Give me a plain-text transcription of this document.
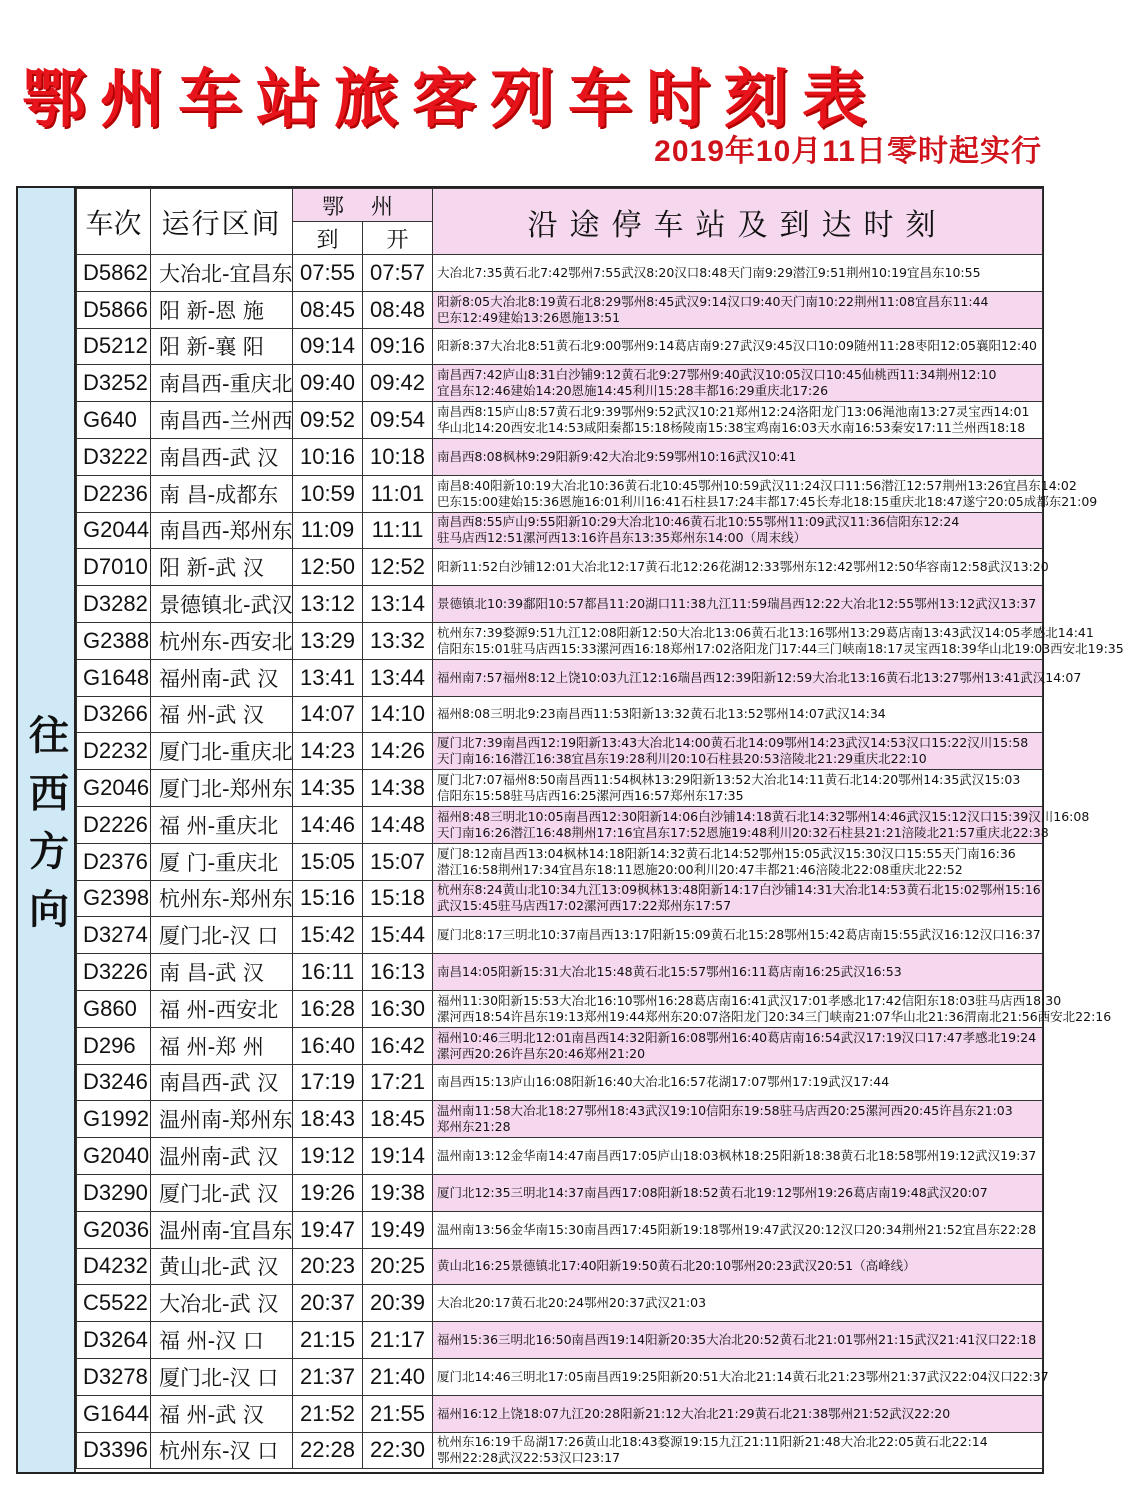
鄂州车站旅客列车时刻表
2019年10月11日零时起实行
往西方向
车次	运行区间	鄂 州		沿途停车站及到达时刻
		到	开	
D5862	大冶北-宜昌东	07:55	07:57	大冶北7:35黄石北7:42鄂州7:55武汉8:20汉口8:48天门南9:29潜江9:51荆州10:19宜昌东10:55

D5866	阳 新-恩 施	08:45	08:48	阳新8:05大冶北8:19黄石北8:29鄂州8:45武汉9:14汉口9:40天门南10:22荆州11:08宜昌东11:44
巴东12:49建始13:26恩施13:51

D5212	阳 新-襄 阳	09:14	09:16	阳新8:37大冶北8:51黄石北9:00鄂州9:14葛店南9:27武汉9:45汉口10:09随州11:28枣阳12:05襄阳12:40

D3252	南昌西-重庆北	09:40	09:42	南昌西7:42庐山8:31白沙铺9:12黄石北9:27鄂州9:40武汉10:05汉口10:45仙桃西11:34荆州12:10
宜昌东12:46建始14:20恩施14:45利川15:28丰都16:29重庆北17:26

G640	南昌西-兰州西	09:52	09:54	南昌西8:15庐山8:57黄石北9:39鄂州9:52武汉10:21郑州12:24洛阳龙门13:06渑池南13:27灵宝西14:01
华山北14:20西安北14:53咸阳秦都15:18杨陵南15:38宝鸡南16:03天水南16:53秦安17:11兰州西18:18

D3222	南昌西-武 汉	10:16	10:18	南昌西8:08枫林9:29阳新9:42大冶北9:59鄂州10:16武汉10:41

D2236	南 昌-成都东	10:59	11:01	南昌8:40阳新10:19大冶北10:36黄石北10:45鄂州10:59武汉11:24汉口11:56潜江12:57荆州13:26宜昌东14:02
巴东15:00建始15:36恩施16:01利川16:41石柱县17:24丰都17:45长寿北18:15重庆北18:47遂宁20:05成都东21:09

G2044	南昌西-郑州东	11:09	11:11	南昌西8:55庐山9:55阳新10:29大冶北10:46黄石北10:55鄂州11:09武汉11:36信阳东12:24
驻马店西12:51漯河西13:16许昌东13:35郑州东14:00（周末线）

D7010	阳 新-武 汉	12:50	12:52	阳新11:52白沙铺12:01大冶北12:17黄石北12:26花湖12:33鄂州东12:42鄂州12:50华容南12:58武汉13:20

D3282	景德镇北-武汉	13:12	13:14	景德镇北10:39鄱阳10:57都昌11:20湖口11:38九江11:59瑞昌西12:22大冶北12:55鄂州13:12武汉13:37

G2388	杭州东-西安北	13:29	13:32	杭州东7:39婺源9:51九江12:08阳新12:50大冶北13:06黄石北13:16鄂州13:29葛店南13:43武汉14:05孝感北14:41
信阳东15:01驻马店西15:33漯河西16:18郑州17:02洛阳龙门17:44三门峡南18:17灵宝西18:39华山北19:03西安北19:35

G1648	福州南-武 汉	13:41	13:44	福州南7:57福州8:12上饶10:03九江12:16瑞昌西12:39阳新12:59大冶北13:16黄石北13:27鄂州13:41武汉14:07

D3266	福 州-武 汉	14:07	14:10	福州8:08三明北9:23南昌西11:53阳新13:32黄石北13:52鄂州14:07武汉14:34

D2232	厦门北-重庆北	14:23	14:26	厦门北7:39南昌西12:19阳新13:43大冶北14:00黄石北14:09鄂州14:23武汉14:53汉口15:22汉川15:58
天门南16:16潜江16:38宜昌东19:28利川20:10石柱县20:53涪陵北21:29重庆北22:10

G2046	厦门北-郑州东	14:35	14:38	厦门北7:07福州8:50南昌西11:54枫林13:29阳新13:52大冶北14:11黄石北14:20鄂州14:35武汉15:03
信阳东15:58驻马店西16:25漯河西16:57郑州东17:35

D2226	福 州-重庆北	14:46	14:48	福州8:48三明北10:05南昌西12:30阳新14:06白沙铺14:18黄石北14:32鄂州14:46武汉15:12汉口15:39汉川16:08
天门南16:26潜江16:48荆州17:16宜昌东17:52恩施19:48利川20:32石柱县21:21涪陵北21:57重庆北22:38

D2376	厦 门-重庆北	15:05	15:07	厦门8:12南昌西13:04枫林14:18阳新14:32黄石北14:52鄂州15:05武汉15:30汉口15:55天门南16:36
潜江16:58荆州17:34宜昌东18:11恩施20:00利川20:47丰都21:46涪陵北22:08重庆北22:52

G2398	杭州东-郑州东	15:16	15:18	杭州东8:24黄山北10:34九江13:09枫林13:48阳新14:17白沙铺14:31大冶北14:53黄石北15:02鄂州15:16
武汉15:45驻马店西17:02漯河西17:22郑州东17:57

D3274	厦门北-汉 口	15:42	15:44	厦门北8:17三明北10:37南昌西13:17阳新15:09黄石北15:28鄂州15:42葛店南15:55武汉16:12汉口16:37

D3226	南 昌-武 汉	16:11	16:13	南昌14:05阳新15:31大冶北15:48黄石北15:57鄂州16:11葛店南16:25武汉16:53

G860	福 州-西安北	16:28	16:30	福州11:30阳新15:53大冶北16:10鄂州16:28葛店南16:41武汉17:01孝感北17:42信阳东18:03驻马店西18:30
漯河西18:54许昌东19:13郑州19:44郑州东20:07洛阳龙门20:34三门峡南21:07华山北21:36渭南北21:56西安北22:16

D296	福 州-郑 州	16:40	16:42	福州10:46三明北12:01南昌西14:32阳新16:08鄂州16:40葛店南16:54武汉17:19汉口17:47孝感北19:24
漯河西20:26许昌东20:46郑州21:20

D3246	南昌西-武 汉	17:19	17:21	南昌西15:13庐山16:08阳新16:40大冶北16:57花湖17:07鄂州17:19武汉17:44

G1992	温州南-郑州东	18:43	18:45	温州南11:58大冶北18:27鄂州18:43武汉19:10信阳东19:58驻马店西20:25漯河西20:45许昌东21:03
郑州东21:28

G2040	温州南-武 汉	19:12	19:14	温州南13:12金华南14:47南昌西17:05庐山18:03枫林18:25阳新18:38黄石北18:58鄂州19:12武汉19:37

D3290	厦门北-武 汉	19:26	19:38	厦门北12:35三明北14:37南昌西17:08阳新18:52黄石北19:12鄂州19:26葛店南19:48武汉20:07

G2036	温州南-宜昌东	19:47	19:49	温州南13:56金华南15:30南昌西17:45阳新19:18鄂州19:47武汉20:12汉口20:34荆州21:52宜昌东22:28

D4232	黄山北-武 汉	20:23	20:25	黄山北16:25景德镇北17:40阳新19:50黄石北20:10鄂州20:23武汉20:51（高峰线）

C5522	大冶北-武 汉	20:37	20:39	大冶北20:17黄石北20:24鄂州20:37武汉21:03

D3264	福 州-汉 口	21:15	21:17	福州15:36三明北16:50南昌西19:14阳新20:35大冶北20:52黄石北21:01鄂州21:15武汉21:41汉口22:18

D3278	厦门北-汉 口	21:37	21:40	厦门北14:46三明北17:05南昌西19:25阳新20:51大冶北21:14黄石北21:23鄂州21:37武汉22:04汉口22:37

G1644	福 州-武 汉	21:52	21:55	福州16:12上饶18:07九江20:28阳新21:12大冶北21:29黄石北21:38鄂州21:52武汉22:20

D3396	杭州东-汉 口	22:28	22:30	杭州东16:19千岛湖17:26黄山北18:43婺源19:15九江21:11阳新21:48大冶北22:05黄石北22:14
鄂州22:28武汉22:53汉口23:17
